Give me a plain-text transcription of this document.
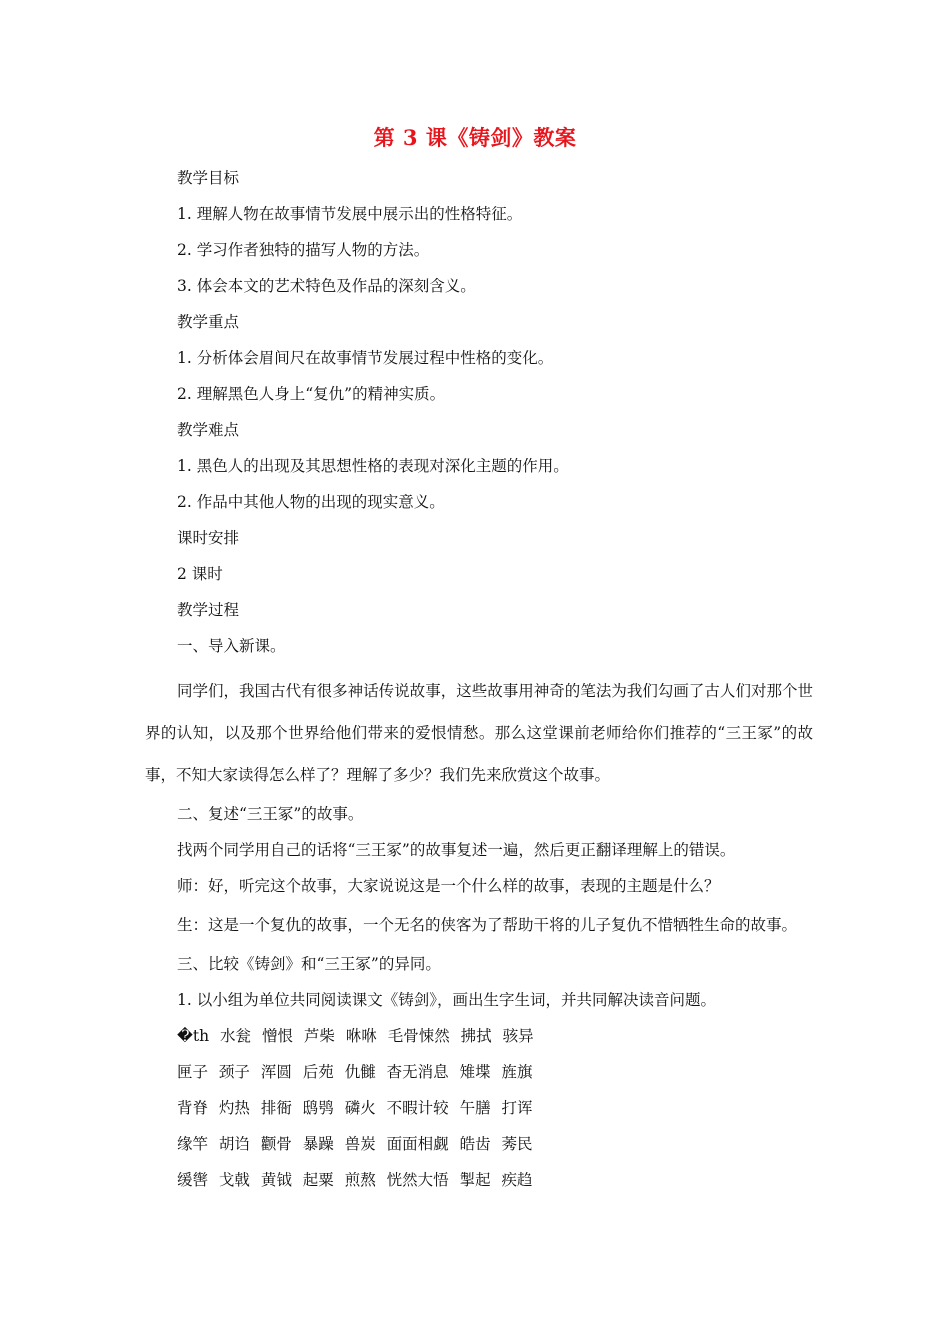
第 3 课《铸剑》教案
教学目标
1. 理解人物在故事情节发展中展示出的性格特征。
2. 学习作者独特的描写人物的方法。
3. 体会本文的艺术特色及作品的深刻含义。
教学重点
1. 分析体会眉间尺在故事情节发展过程中性格的变化。
2. 理解黑色人身上“复仇”的精神实质。
教学难点
1. 黑色人的出现及其思想性格的表现对深化主题的作用。
2. 作品中其他人物的出现的现实意义。
课时安排
2 课时
教学过程
一、导入新课。

同学们，我国古代有很多神话传说故事，这些故事用神奇的笔法为我们勾画了古人们对那个世界的认知，以及那个世界给他们带来的爱恨情愁。那么这堂课前老师给你们推荐的“三王冢”的故事，不知大家读得怎么样了？理解了多少？我们先来欣赏这个故事。

二、复述“三王冢”的故事。
找两个同学用自己的话将“三王冢”的故事复述一遍，然后更正翻译理解上的错误。
师：好，听完这个故事，大家说说这是一个什么样的故事，表现的主题是什么？

生：这是一个复仇的故事，一个无名的侠客为了帮助干将的儿子复仇不惜牺牲生命的故事。

三、比较《铸剑》和“三王冢”的异同。
1. 以小组为单位共同阅读课文《铸剑》，画出生字生词，并共同解决读音问题。
�th 水瓮 憎恨 芦柴 咻咻 毛骨悚然 拂拭 骇异
匣子 颈子 浑圆 后苑 仇雠 杳无消息 雉堞 旌旗
背脊 灼热 排衙 鸱鸮 磷火 不暇计较 午膳 打诨
缘竿 胡诌 颧骨 暴躁 兽炭 面面相觑 皓齿 莠民
缓辔 戈戟 黄钺 起粟 煎熬 恍然大悟 掣起 疾趋
